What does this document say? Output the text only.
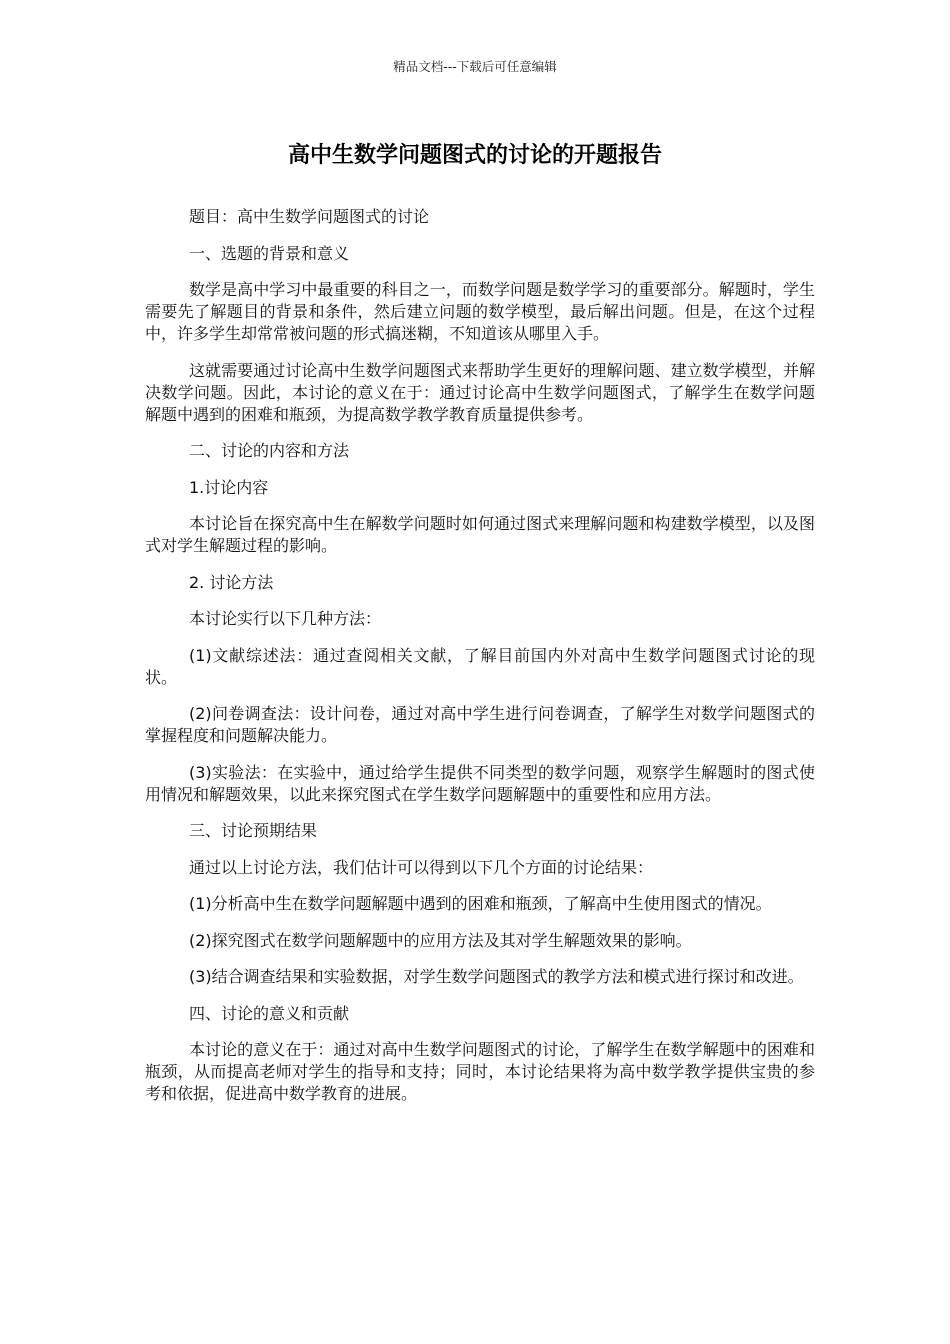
精品文档---下载后可任意编辑
高中生数学问题图式的讨论的开题报告

题目：高中生数学问题图式的讨论

一、选题的背景和意义

数学是高中学习中最重要的科目之一，而数学问题是数学学习的重要部分。解题时，学生需要先了解题目的背景和条件，然后建立问题的数学模型，最后解出问题。但是，在这个过程中，许多学生却常常被问题的形式搞迷糊，不知道该从哪里入手。

这就需要通过讨论高中生数学问题图式来帮助学生更好的理解问题、建立数学模型，并解决数学问题。因此，本讨论的意义在于：通过讨论高中生数学问题图式，了解学生在数学问题解题中遇到的困难和瓶颈，为提高数学教学教育质量提供参考。

二、讨论的内容和方法

1.讨论内容

本讨论旨在探究高中生在解数学问题时如何通过图式来理解问题和构建数学模型，以及图式对学生解题过程的影响。

2. 讨论方法

本讨论实行以下几种方法：

(1)文献综述法：通过查阅相关文献，了解目前国内外对高中生数学问题图式讨论的现状。

(2)问卷调查法：设计问卷，通过对高中学生进行问卷调查，了解学生对数学问题图式的掌握程度和问题解决能力。

(3)实验法：在实验中，通过给学生提供不同类型的数学问题，观察学生解题时的图式使用情况和解题效果，以此来探究图式在学生数学问题解题中的重要性和应用方法。

三、讨论预期结果

通过以上讨论方法，我们估计可以得到以下几个方面的讨论结果：

(1)分析高中生在数学问题解题中遇到的困难和瓶颈，了解高中生使用图式的情况。

(2)探究图式在数学问题解题中的应用方法及其对学生解题效果的影响。

(3)结合调查结果和实验数据，对学生数学问题图式的教学方法和模式进行探讨和改进。

四、讨论的意义和贡献

本讨论的意义在于：通过对高中生数学问题图式的讨论，了解学生在数学解题中的困难和瓶颈，从而提高老师对学生的指导和支持；同时，本讨论结果将为高中数学教学提供宝贵的参考和依据，促进高中数学教育的进展。
